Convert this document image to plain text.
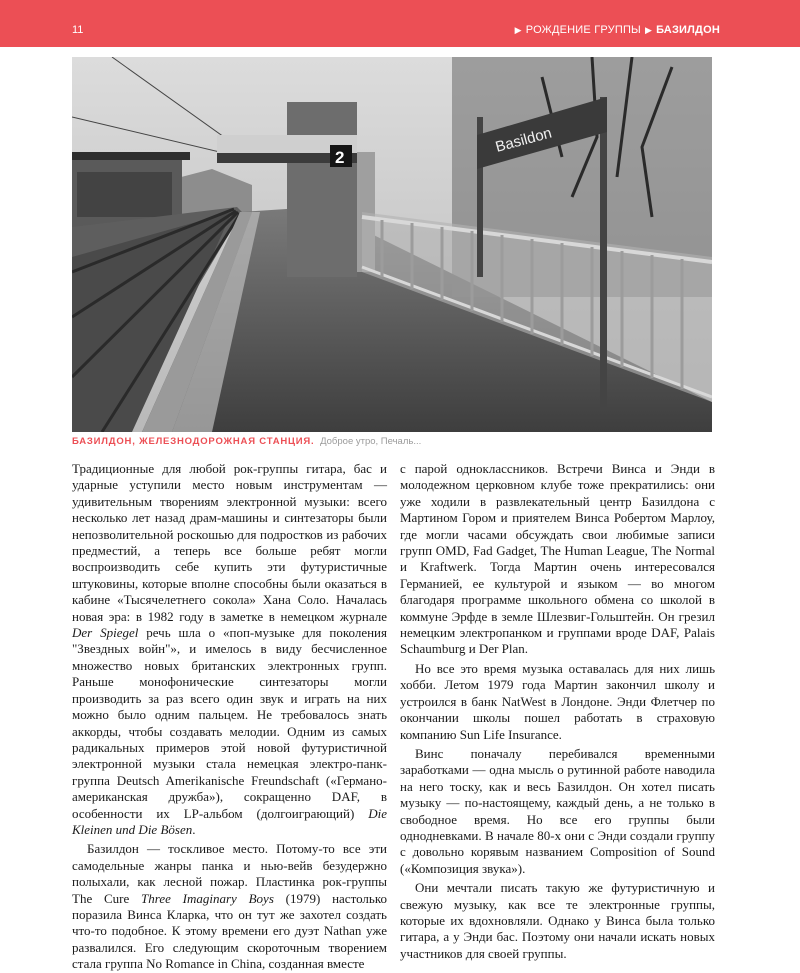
11	▶ РОЖДЕНИЕ ГРУППЫ ▶ БАЗИЛДОН
2
Basildon
БАЗИЛДОН, ЖЕЛЕЗНОДОРОЖНАЯ СТАНЦИЯ. Доброе утро, Печаль...

Традиционные для любой рок-группы гитара, бас и ударные уступили место новым инструментам — удивительным творениям электронной музыки: всего несколько лет назад драм-машины и синтезаторы были непозволительной роскошью для подростков из рабочих предместий, а теперь все больше ребят могли воспроизводить себе купить эти футуристичные штуковины, которые вполне способны были оказаться в кабине «Тысячелетнего сокола» Хана Соло. Началась новая эра: в 1982 году в заметке в немецком журнале Der Spiegel речь шла о «поп-музыке для поколения "Звездных войн"», и имелось в виду бесчисленное множество новых британских электронных групп. Раньше монофонические синтезаторы могли производить за раз всего один звук и играть на них можно было одним пальцем. Не требовалось знать аккорды, чтобы создавать мелодии. Одним из самых радикальных примеров этой новой футуристичной электронной музыки стала немецкая электро-панк-группа Deutsch Amerikanische Freundschaft («Германо-американская дружба»), сокращенно DAF, в особенности их LP-альбом (долгоиграющий) Die Kleinen und Die Bösen.

Базилдон — тоскливое место. Потому-то все эти самодельные жанры панка и нью-вейв безудержно полыхали, как лесной пожар. Пластинка рок-группы The Cure Three Imaginary Boys (1979) настолько поразила Винса Кларка, что он тут же захотел создать что-то подобное. К этому времени его дуэт Nathan уже развалился. Его следующим скороточным творением стала группа No Romance in China, созданная вместе

с парой одноклассников. Встречи Винса и Энди в молодежном церковном клубе тоже прекратились: они уже ходили в развлекательный центр Базилдона с Мартином Гором и приятелем Винса Робертом Марлоу, где могли часами обсуждать свои любимые записи групп OMD, Fad Gadget, The Human League, The Normal и Kraftwerk. Тогда Мартин очень интересовался Германией, ее культурой и языком — во многом благодаря программе школьного обмена со школой в коммуне Эрфде в земле Шлезвиг-Гольштейн. Он грезил немецким электропанком и группами вроде DAF, Palais Schaumburg и Der Plan.

Но все это время музыка оставалась для них лишь хобби. Летом 1979 года Мартин закончил школу и устроился в банк NatWest в Лондоне. Энди Флетчер по окончании школы пошел работать в страховую компанию Sun Life Insurance.

Винс поначалу перебивался временными заработками — одна мысль о рутинной работе наводила на него тоску, как и весь Базилдон. Он хотел писать музыку — по-настоящему, каждый день, а не только в свободное время. Но все его группы были однодневками. В начале 80-х они с Энди создали группу с довольно корявым названием Composition of Sound («Композиция звука»).

Они мечтали писать такую же футуристичную и свежую музыку, как все те электронные группы, которые их вдохновляли. Однако у Винса была только гитара, а у Энди бас. Поэтому они начали искать новых участников для своей группы.
